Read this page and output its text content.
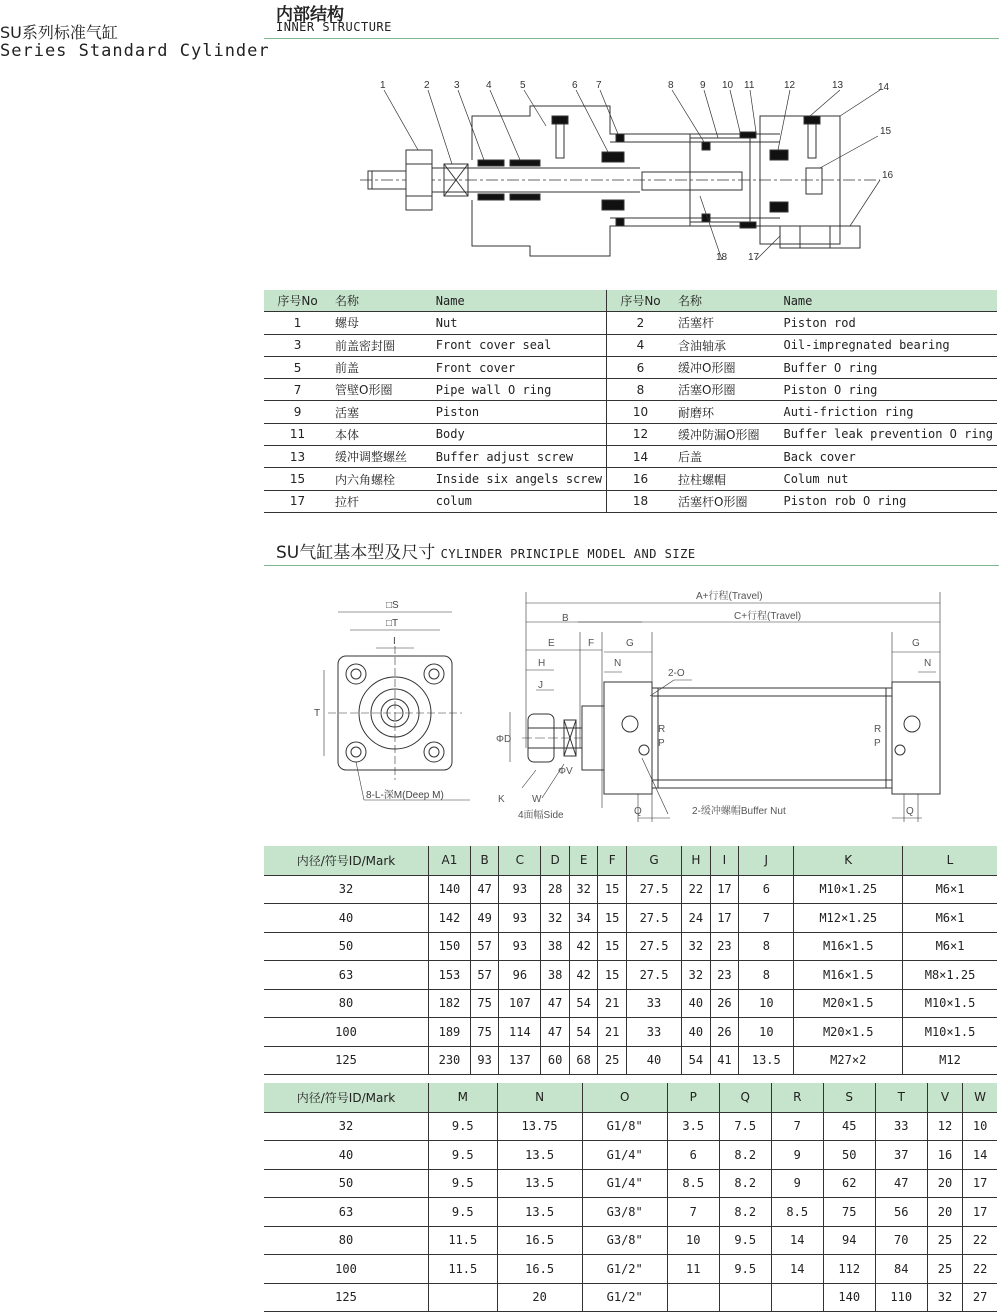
SU系列标准气缸
Series Standard Cylinder
内部结构
INNER STRUCTURE
1	2 3	4	5	6 7	8	9 10 11	12	13	14
15
16
18 17
序号No	名称	Name	序号No	名称	Name
1	螺母	Nut	2	活塞杆	Piston rod
3	前盖密封圈	Front cover seal	4	含油轴承	Oil-impregnated bearing
5	前盖	Front cover	6	缓冲O形圈	Buffer O ring
7	管壁O形圈	Pipe wall O ring	8	活塞O形圈	Piston O ring
9	活塞	Piston	10	耐磨环	Auti-friction ring
11	本体	Body	12	缓冲防漏O形圈	Buffer leak prevention O ring
13	缓冲调整螺丝	Buffer adjust screw	14	后盖	Back cover
15	内六角螺栓	Inside six angels screw	16	拉柱螺帽	Colum nut
17	拉杆	colum	18	活塞杆O形圈	Piston rob O ring
SU气缸基本型及尺寸 CYLINDER PRINCIPLE MODEL AND SIZE
□S
□T
I
T
8-L-深M(Deep M)
A+行程(Travel)
C+行程(Travel)
B
E	F	G	G
N	N
H
J
2-O
ΦD
ΦV
R
P
R
P
K	W
4面幅Side	Q	Q
2-缓冲螺帽Buffer Nut
内径/符号ID/Mark	A1	B	C	D	E	F	G	H	I	J	K	L
32	140	47	93	28	32	15	27.5	22	17	6	M10×1.25	M6×1
40	142	49	93	32	34	15	27.5	24	17	7	M12×1.25	M6×1
50	150	57	93	38	42	15	27.5	32	23	8	M16×1.5	M6×1
63	153	57	96	38	42	15	27.5	32	23	8	M16×1.5	M8×1.25
80	182	75	107	47	54	21	33	40	26	10	M20×1.5	M10×1.5
100	189	75	114	47	54	21	33	40	26	10	M20×1.5	M10×1.5
125	230	93	137	60	68	25	40	54	41	13.5	M27×2	M12
内径/符号ID/Mark	M	N	O	P	Q	R	S	T	V	W
32	9.5	13.75	G1/8"	3.5	7.5	7	45	33	12	10
40	9.5	13.5	G1/4"	6	8.2	9	50	37	16	14
50	9.5	13.5	G1/4"	8.5	8.2	9	62	47	20	17
63	9.5	13.5	G3/8"	7	8.2	8.5	75	56	20	17
80	11.5	16.5	G3/8"	10	9.5	14	94	70	25	22
100	11.5	16.5	G1/2"	11	9.5	14	112	84	25	22
125		20	G1/2"				140	110	32	27
